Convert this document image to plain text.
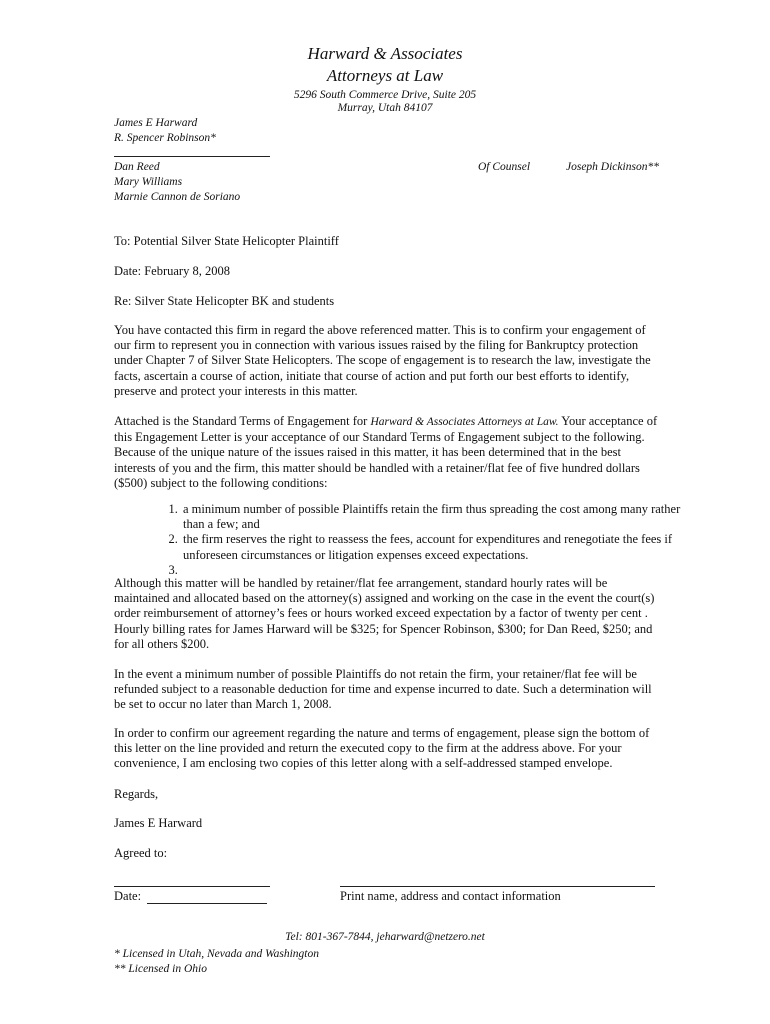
Harward & Associates
Attorneys at Law
5296 South Commerce Drive, Suite 205
Murray, Utah 84107
James E Harward
R. Spencer Robinson*
Dan Reed
Mary Williams
Marnie Cannon de Soriano
Of Counsel	Joseph Dickinson**
To: Potential Silver State Helicopter Plaintiff
Date: February 8, 2008
Re: Silver State Helicopter BK and students

You have contacted this firm in regard the above referenced matter. This is to confirm your engagement of our firm to represent you in connection with various issues raised by the filing for Bankruptcy protection under Chapter 7 of Silver State Helicopters. The scope of engagement is to research the law, investigate the facts, ascertain a course of action, initiate that course of action and put forth our best efforts to identify, preserve and protect your interests in this matter.

Attached is the Standard Terms of Engagement for Harward & Associates Attorneys at Law. Your acceptance of this Engagement Letter is your acceptance of our Standard Terms of Engagement subject to the following. Because of the unique nature of the issues raised in this matter, it has been determined that in the best interests of you and the firm, this matter should be handled with a retainer/flat fee of five hundred dollars ($500) subject to the following conditions:

1. a minimum number of possible Plaintiffs retain the firm thus spreading the cost among many rather than a few; and
2. the firm reserves the right to reassess the fees, account for expenditures and renegotiate the fees if unforeseen circumstances or litigation expenses exceed expectations.
3.

Although this matter will be handled by retainer/flat fee arrangement, standard hourly rates will be maintained and allocated based on the attorney(s) assigned and working on the case in the event the court(s) order reimbursement of attorney’s fees or hours worked exceed expectation by a factor of twenty per cent . Hourly billing rates for James Harward will be $325; for Spencer Robinson, $300; for Dan Reed, $250; and for all others $200.

In the event a minimum number of possible Plaintiffs do not retain the firm, your retainer/flat fee will be refunded subject to a reasonable deduction for time and expense incurred to date. Such a determination will be set to occur no later than March 1, 2008.

In order to confirm our agreement regarding the nature and terms of engagement, please sign the bottom of this letter on the line provided and return the executed copy to the firm at the address above. For your convenience, I am enclosing two copies of this letter along with a self-addressed stamped envelope.

Regards,
James E Harward
Agreed to:
Date:	Print name, address and contact information
Tel: 801-367-7844, jeharward@netzero.net
* Licensed in Utah, Nevada and Washington
** Licensed in Ohio
